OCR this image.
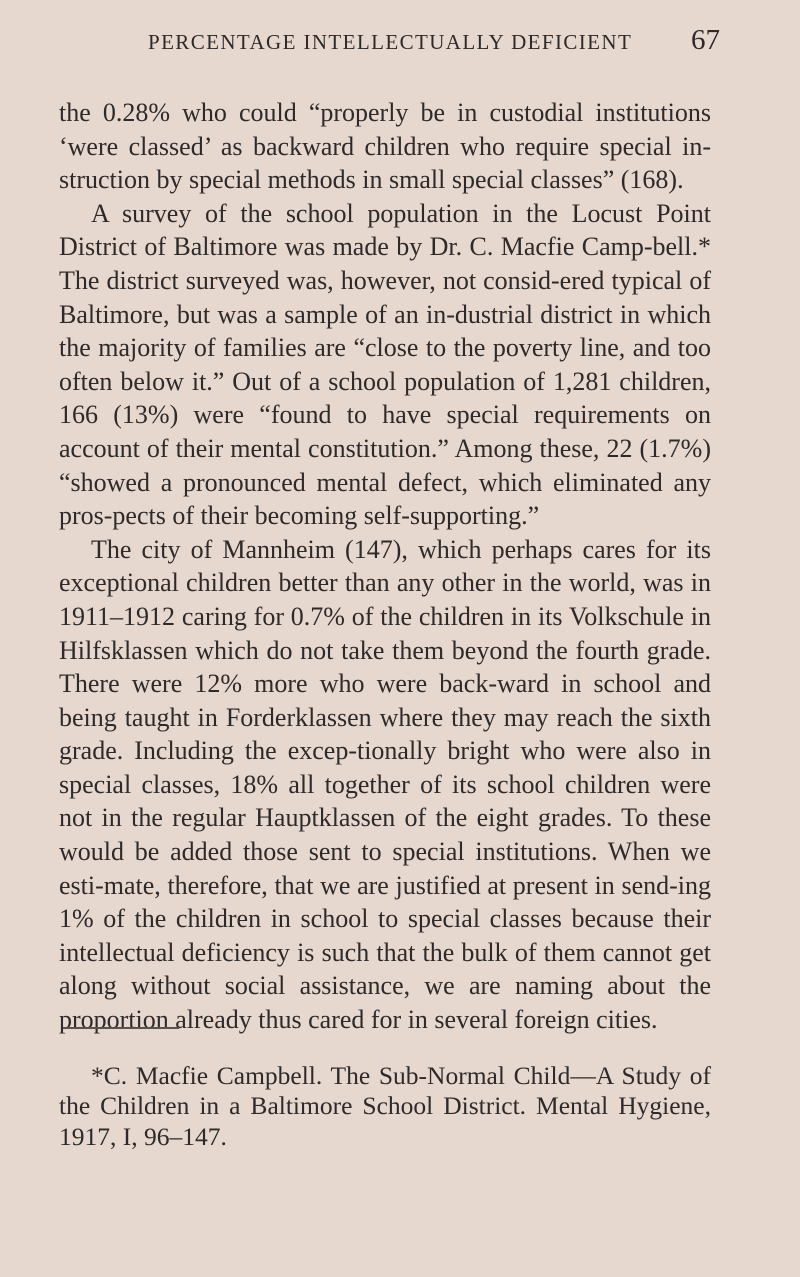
PERCENTAGE INTELLECTUALLY DEFICIENT 67

the 0.28% who could “properly be in custodial institutions ‘were classed’ as backward children who require special in-struction by special methods in small special classes” (168).

A survey of the school population in the Locust Point District of Baltimore was made by Dr. C. Macfie Camp-bell.* The district surveyed was, however, not consid-ered typical of Baltimore, but was a sample of an in-dustrial district in which the majority of families are “close to the poverty line, and too often below it.” Out of a school population of 1,281 children, 166 (13%) were “found to have special requirements on account of their mental constitution.” Among these, 22 (1.7%) “showed a pronounced mental defect, which eliminated any pros-pects of their becoming self-supporting.”

The city of Mannheim (147), which perhaps cares for its exceptional children better than any other in the world, was in 1911–1912 caring for 0.7% of the children in its Volkschule in Hilfsklassen which do not take them beyond the fourth grade. There were 12% more who were back-ward in school and being taught in Forderklassen where they may reach the sixth grade. Including the excep-tionally bright who were also in special classes, 18% all together of its school children were not in the regular Hauptklassen of the eight grades. To these would be added those sent to special institutions. When we esti-mate, therefore, that we are justified at present in send-ing 1% of the children in school to special classes because their intellectual deficiency is such that the bulk of them cannot get along without social assistance, we are naming about the proportion already thus cared for in several foreign cities.

*C. Macfie Campbell. The Sub-Normal Child—A Study of the Children in a Baltimore School District. Mental Hygiene, 1917, I, 96–147.
